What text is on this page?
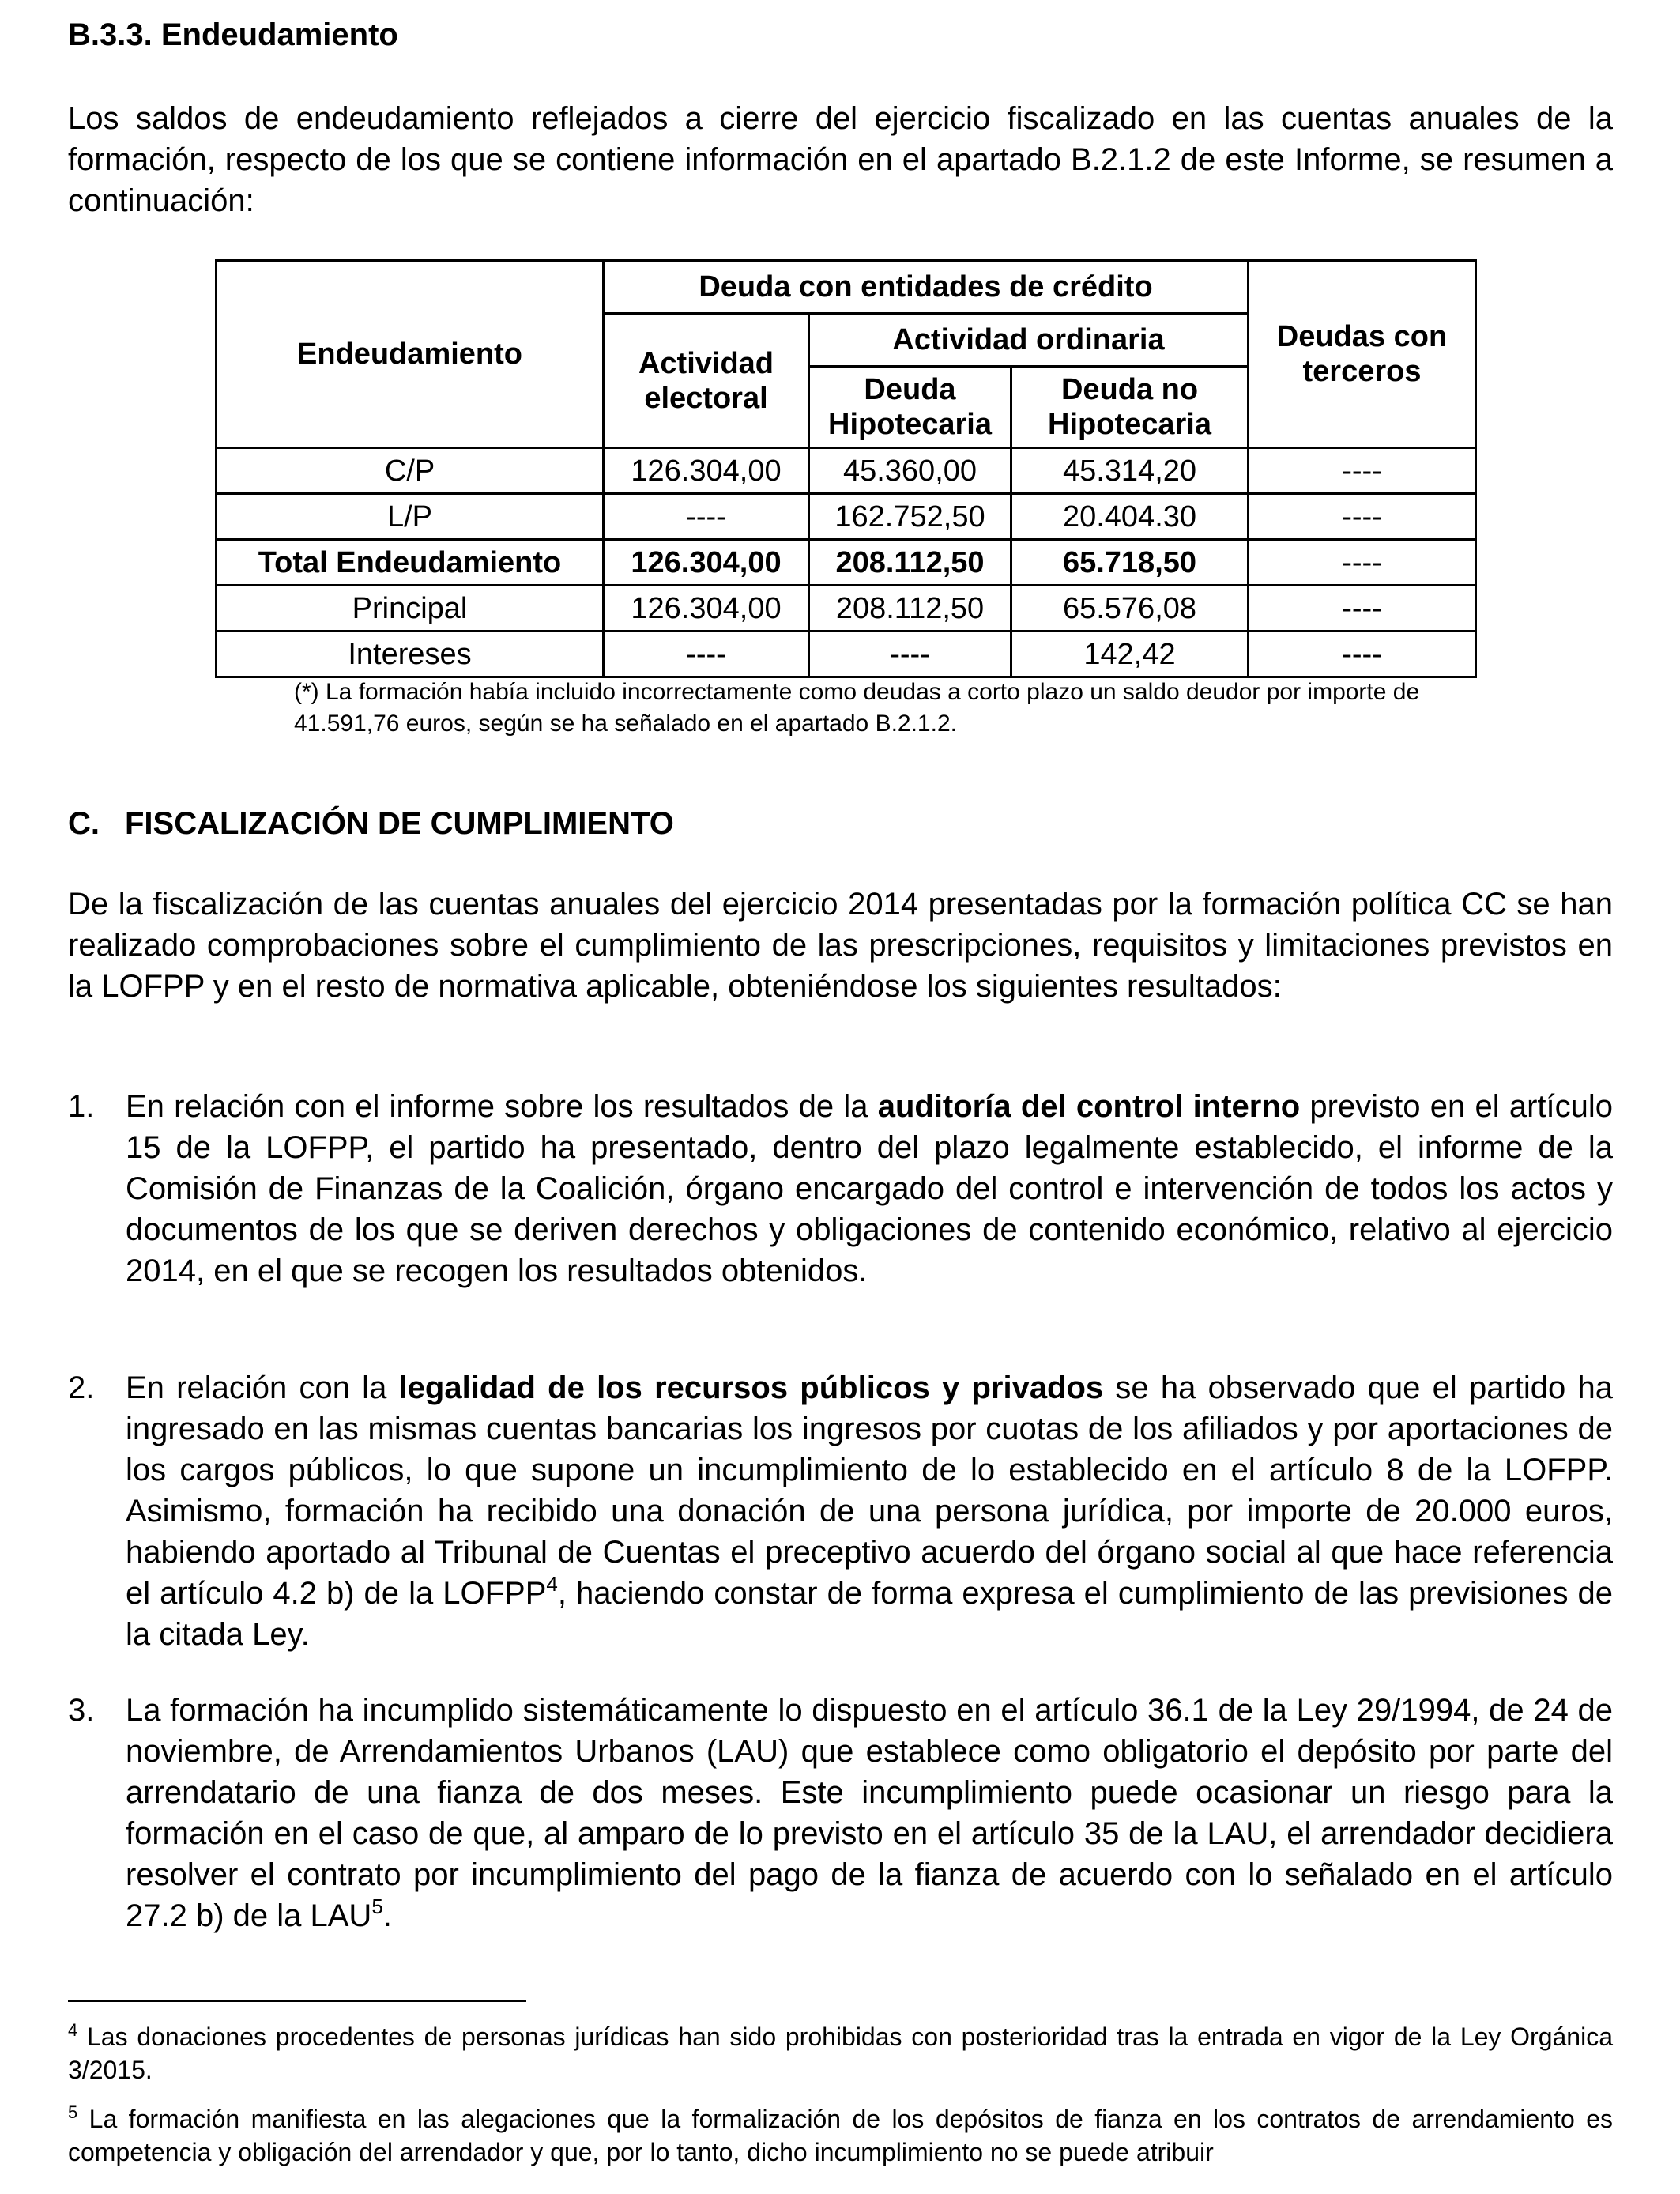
B.3.3. Endeudamiento

Los saldos de endeudamiento reflejados a cierre del ejercicio fiscalizado en las cuentas anuales de la formación, respecto de los que se contiene información en el apartado B.2.1.2 de este Informe, se resumen a continuación:

Endeudamiento	Deuda con entidades de crédito			Deudas con terceros
	Actividad electoral	Actividad ordinaria		
		Deuda Hipotecaria	Deuda no Hipotecaria	
C/P	126.304,00	45.360,00	45.314,20	----
L/P	----	162.752,50	20.404.30	----
Total Endeudamiento	126.304,00	208.112,50	65.718,50	----
Principal	126.304,00	208.112,50	65.576,08	----
Intereses	----	----	142,42	----

(*) La formación había incluido incorrectamente como deudas a corto plazo un saldo deudor por importe de 41.591,76 euros, según se ha señalado en el apartado B.2.1.2.

C. FISCALIZACIÓN DE CUMPLIMIENTO

De la fiscalización de las cuentas anuales del ejercicio 2014 presentadas por la formación política CC se han realizado comprobaciones sobre el cumplimiento de las prescripciones, requisitos y limitaciones previstos en la LOFPP y en el resto de normativa aplicable, obteniéndose los siguientes resultados:

1. En relación con el informe sobre los resultados de la auditoría del control interno previsto en el artículo 15 de la LOFPP, el partido ha presentado, dentro del plazo legalmente establecido, el informe de la Comisión de Finanzas de la Coalición, órgano encargado del control e intervención de todos los actos y documentos de los que se deriven derechos y obligaciones de contenido económico, relativo al ejercicio 2014, en el que se recogen los resultados obtenidos.

2. En relación con la legalidad de los recursos públicos y privados se ha observado que el partido ha ingresado en las mismas cuentas bancarias los ingresos por cuotas de los afiliados y por aportaciones de los cargos públicos, lo que supone un incumplimiento de lo establecido en el artículo 8 de la LOFPP. Asimismo, formación ha recibido una donación de una persona jurídica, por importe de 20.000 euros, habiendo aportado al Tribunal de Cuentas el preceptivo acuerdo del órgano social al que hace referencia el artículo 4.2 b) de la LOFPP$^4$, haciendo constar de forma expresa el cumplimiento de las previsiones de la citada Ley.

3. La formación ha incumplido sistemáticamente lo dispuesto en el artículo 36.1 de la Ley 29/1994, de 24 de noviembre, de Arrendamientos Urbanos (LAU) que establece como obligatorio el depósito por parte del arrendatario de una fianza de dos meses. Este incumplimiento puede ocasionar un riesgo para la formación en el caso de que, al amparo de lo previsto en el artículo 35 de la LAU, el arrendador decidiera resolver el contrato por incumplimiento del pago de la fianza de acuerdo con lo señalado en el artículo 27.2 b) de la LAU$^5$.

$^4$ Las donaciones procedentes de personas jurídicas han sido prohibidas con posterioridad tras la entrada en vigor de la Ley Orgánica 3/2015.

$^5$ La formación manifiesta en las alegaciones que la formalización de los depósitos de fianza en los contratos de arrendamiento es competencia y obligación del arrendador y que, por lo tanto, dicho incumplimiento no se puede atribuir
